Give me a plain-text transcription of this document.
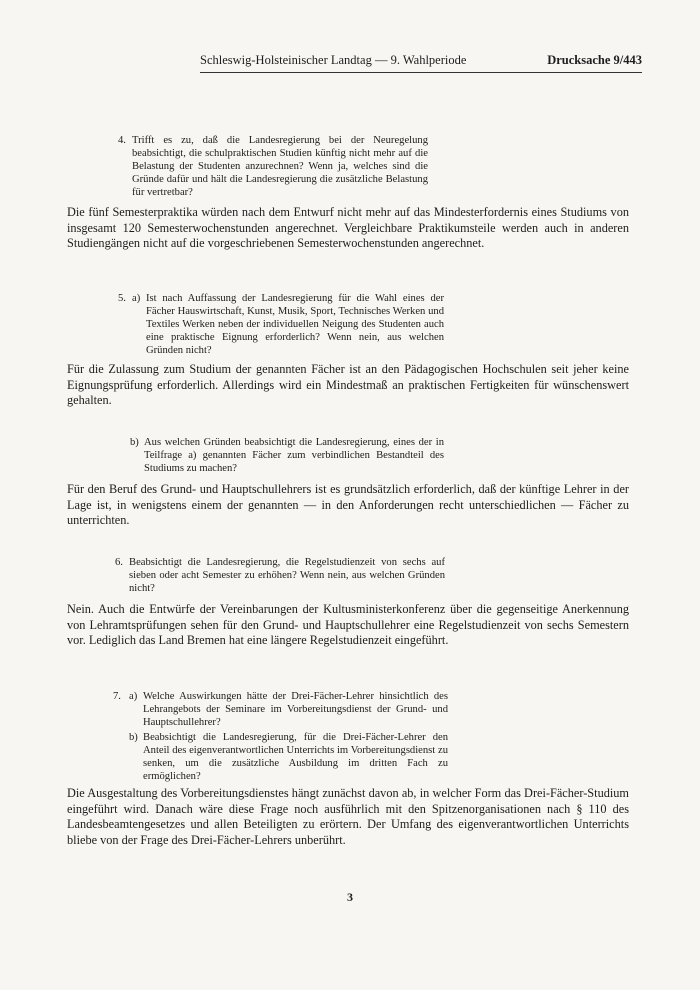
Schleswig-Holsteinischer Landtag — 9. Wahlperiode	Drucksache 9/443
4. Trifft es zu, daß die Landesregierung bei der Neuregelung beabsichtigt, die schulpraktischen Studien künftig nicht mehr auf die Belastung der Studenten anzurechnen? Wenn ja, welches sind die Gründe dafür und hält die Landesregierung die zusätzliche Belastung für vertretbar?
Die fünf Semesterpraktika würden nach dem Entwurf nicht mehr auf das Mindesterfordernis eines Studiums von insgesamt 120 Semesterwochenstunden angerechnet. Vergleichbare Praktikumsteile werden auch in anderen Studiengängen nicht auf die vorgeschriebenen Semesterwochenstunden angerechnet.
5. a) Ist nach Auffassung der Landesregierung für die Wahl eines der Fächer Hauswirtschaft, Kunst, Musik, Sport, Technisches Werken und Textiles Werken neben der individuellen Neigung des Studenten auch eine praktische Eignung erforderlich? Wenn nein, aus welchen Gründen nicht?
Für die Zulassung zum Studium der genannten Fächer ist an den Pädagogischen Hochschulen seit jeher keine Eignungsprüfung erforderlich. Allerdings wird ein Mindestmaß an praktischen Fertigkeiten für wünschenswert gehalten.
b) Aus welchen Gründen beabsichtigt die Landesregierung, eines der in Teilfrage a) genannten Fächer zum verbindlichen Bestandteil des Studiums zu machen?
Für den Beruf des Grund- und Hauptschullehrers ist es grundsätzlich erforderlich, daß der künftige Lehrer in der Lage ist, in wenigstens einem der genannten — in den Anforderungen recht unterschiedlichen — Fächer zu unterrichten.
6. Beabsichtigt die Landesregierung, die Regelstudienzeit von sechs auf sieben oder acht Semester zu erhöhen? Wenn nein, aus welchen Gründen nicht?
Nein. Auch die Entwürfe der Vereinbarungen der Kultusministerkonferenz über die gegenseitige Anerkennung von Lehramtsprüfungen sehen für den Grund- und Hauptschullehrer eine Regelstudienzeit von sechs Semestern vor. Lediglich das Land Bremen hat eine längere Regelstudienzeit eingeführt.
7. a) Welche Auswirkungen hätte der Drei-Fächer-Lehrer hinsichtlich des Lehrangebots der Seminare im Vorbereitungsdienst der Grund- und Hauptschullehrer?
b) Beabsichtigt die Landesregierung, für die Drei-Fächer-Lehrer den Anteil des eigenverantwortlichen Unterrichts im Vorbereitungsdienst zu senken, um die zusätzliche Ausbildung im dritten Fach zu ermöglichen?
Die Ausgestaltung des Vorbereitungsdienstes hängt zunächst davon ab, in welcher Form das Drei-Fächer-Studium eingeführt wird. Danach wäre diese Frage noch ausführlich mit den Spitzenorganisationen nach § 110 des Landesbeamtengesetzes und allen Beteiligten zu erörtern. Der Umfang des eigenverantwortlichen Unterrichts bliebe von der Frage des Drei-Fächer-Lehrers unberührt.
3
